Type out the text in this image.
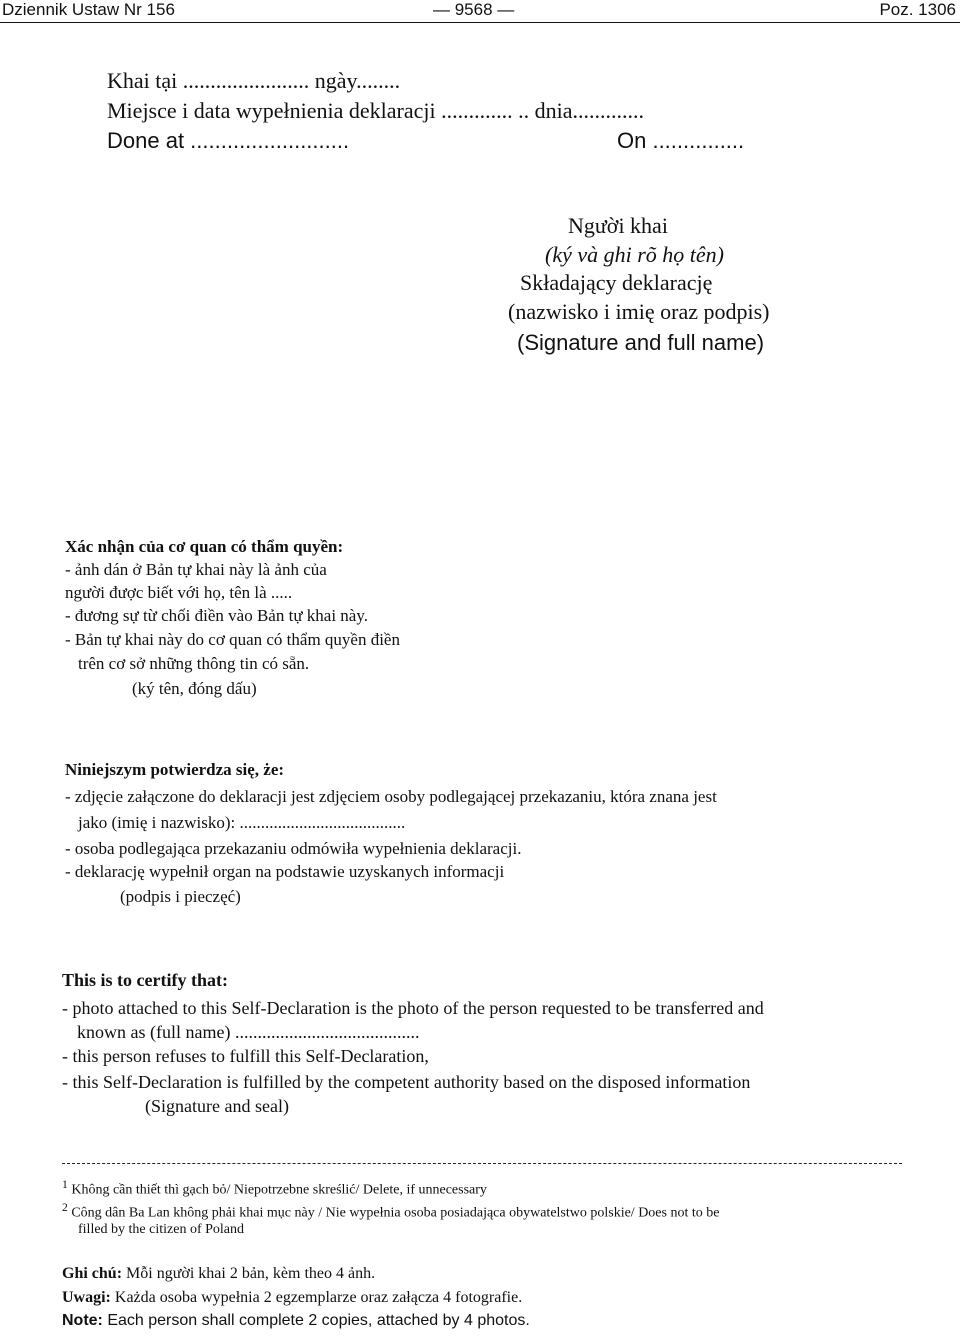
Dziennik Ustaw Nr 156	— 9568 —	Poz. 1306
Khai tại ....................... ngày........
Miejsce i data wypełnienia deklaracji ............. .. dnia.............
Done at ..........................	On ...............
Người khai
(ký và ghi rõ họ tên)
Składający deklarację
(nazwisko i imię oraz podpis)
(Signature and full name)
Xác nhận của cơ quan có thẩm quyền:
- ảnh dán ở Bản tự khai này là ảnh của
người được biết với họ, tên là .....
- đương sự từ chối điền vào Bản tự khai này.
- Bản tự khai này do cơ quan có thẩm quyền điền
trên cơ sở những thông tin có sẵn.
(ký tên, đóng dấu)
Niniejszym potwierdza się, że:
- zdjęcie załączone do deklaracji jest zdjęciem osoby podlegającej przekazaniu, która znana jest
jako (imię i nazwisko): .......................................
- osoba podlegająca przekazaniu odmówiła wypełnienia deklaracji.
- deklarację wypełnił organ na podstawie uzyskanych informacji
(podpis i pieczęć)
This is to certify that:
- photo attached to this Self-Declaration is the photo of the person requested to be transferred and
known as (full name) .........................................
- this person refuses to fulfill this Self-Declaration,
- this Self-Declaration is fulfilled by the competent authority based on the disposed information
(Signature and seal)
$^1$ Không cần thiết thì gạch bỏ/ Niepotrzebne skreślić/ Delete, if unnecessary
$^2$ Công dân Ba Lan không phải khai mục này / Nie wypełnia osoba posiadająca obywatelstwo polskie/ Does not to be
filled by the citizen of Poland
Ghi chú: Mỗi người khai 2 bản, kèm theo 4 ảnh.
Uwagi: Każda osoba wypełnia 2 egzemplarze oraz załącza 4 fotografie.
Note: Each person shall complete 2 copies, attached by 4 photos.
